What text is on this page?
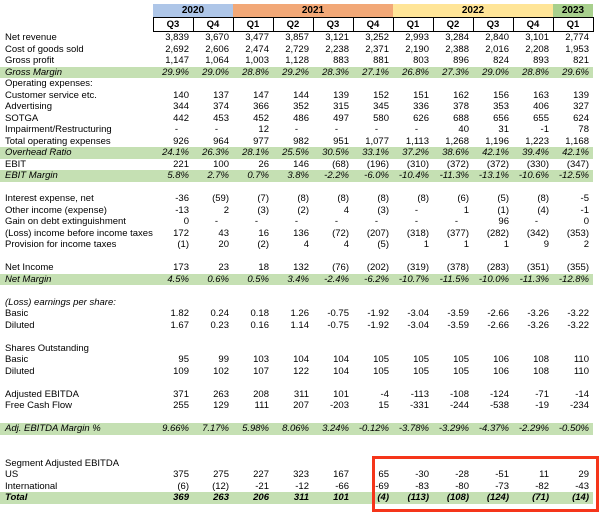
	2020		2021				2022				2023
	Q3	Q4	Q1	Q2	Q3	Q4	Q1	Q2	Q3	Q4	Q1
Net revenue	3,839	3,670	3,477	3,857	3,121	3,252	2,993	3,284	2,840	3,101	2,774
Cost of goods sold	2,692	2,606	2,474	2,729	2,238	2,371	2,190	2,388	2,016	2,208	1,953
Gross profit	1,147	1,064	1,003	1,128	883	881	803	896	824	893	821
Gross Margin	29.9%	29.0%	28.8%	29.2%	28.3%	27.1%	26.8%	27.3%	29.0%	28.8%	29.6%
Operating expenses:											
Customer service etc.	140	137	147	144	139	152	151	162	156	163	139
Advertising	344	374	366	352	315	345	336	378	353	406	327
SOTGA	442	453	452	486	497	580	626	688	656	655	624
Impairment/Restructuring	-	-	12	-	-	-	-	40	31	-1	78
Total operating expenses	926	964	977	982	951	1,077	1,113	1,268	1,196	1,223	1,168
Overhead Ratio	24.1%	26.3%	28.1%	25.5%	30.5%	33.1%	37.2%	38.6%	42.1%	39.4%	42.1%
EBIT	221	100	26	146	(68)	(196)	(310)	(372)	(372)	(330)	(347)
EBIT Margin	5.8%	2.7%	0.7%	3.8%	-2.2%	-6.0%	-10.4%	-11.3%	-13.1%	-10.6%	-12.5%

Interest expense, net	-36	(59)	(7)	(8)	(8)	(8)	(8)	(6)	(5)	(8)	-5
Other income (expense)	-13	2	(3)	(2)	4	(3)	-	1	(1)	(4)	-1
Gain on debt extinguishment	0	-	-	-	-	-	-	-	96	-	0
(Loss) income before income taxes	172	43	16	136	(72)	(207)	(318)	(377)	(282)	(342)	(353)
Provision for income taxes	(1)	20	(2)	4	4	(5)	1	1	1	9	2

Net Income	173	23	18	132	(76)	(202)	(319)	(378)	(283)	(351)	(355)
Net Margin	4.5%	0.6%	0.5%	3.4%	-2.4%	-6.2%	-10.7%	-11.5%	-10.0%	-11.3%	-12.8%

(Loss) earnings per share:											
Basic	1.82	0.24	0.18	1.26	-0.75	-1.92	-3.04	-3.59	-2.66	-3.26	-3.22
Diluted	1.67	0.23	0.16	1.14	-0.75	-1.92	-3.04	-3.59	-2.66	-3.26	-3.22

Shares Outstanding											
Basic	95	99	103	104	104	105	105	105	106	108	110
Diluted	109	102	107	122	104	105	105	105	106	108	110

Adjusted EBITDA	371	263	208	311	101	-4	-113	-108	-124	-71	-14
Free Cash Flow	255	129	111	207	-203	15	-331	-244	-538	-19	-234

Adj. EBITDA Margin %	9.66%	7.17%	5.98%	8.06%	3.24%	-0.12%	-3.78%	-3.29%	-4.37%	-2.29%	-0.50%

Segment Adjusted EBITDA											
US	375	275	227	323	167	65	-30	-28	-51	11	29
International	(6)	(12)	-21	-12	-66	-69	-83	-80	-73	-82	-43
Total	369	263	206	311	101	(4)	(113)	(108)	(124)	(71)	(14)
